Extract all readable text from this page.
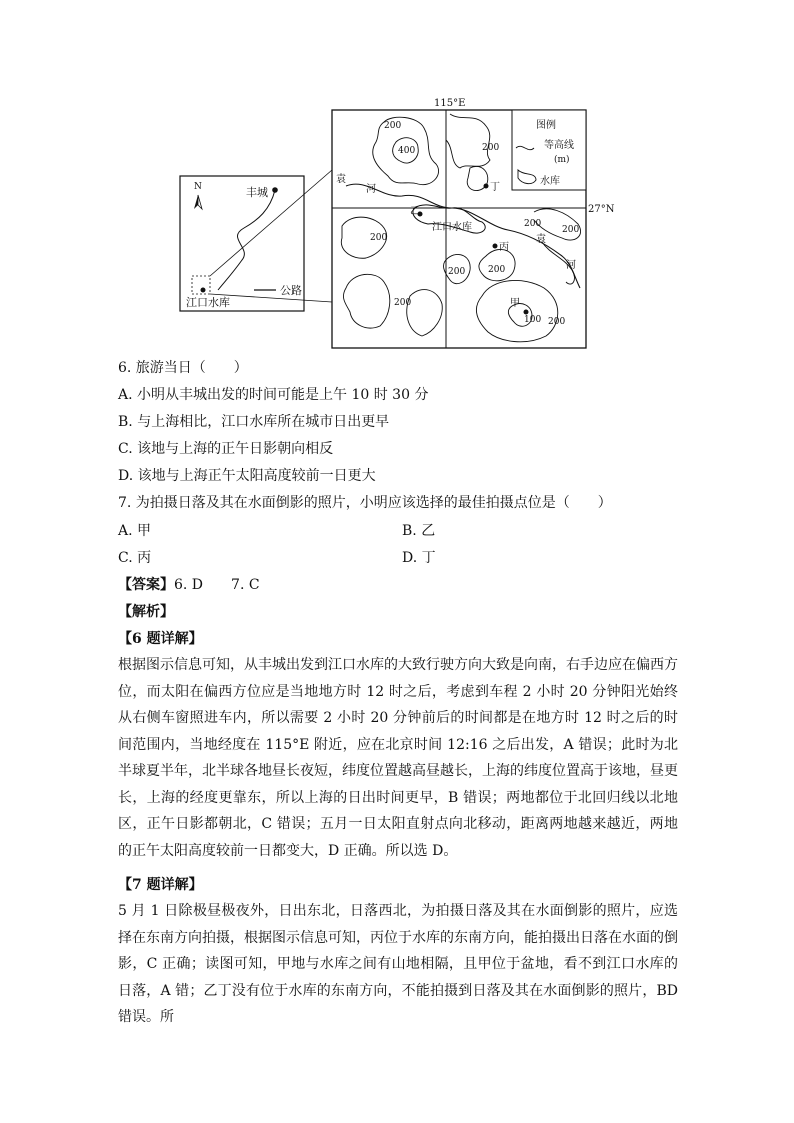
N	丰城
江口水库
公路
115°E
27°N
图例
等高线
(m)
水库
袁
河
袁
河
江口水库
200
400	200
200
200
200
200	200
200
200
100
丁
乙
丙
甲
6. 旅游当日（　　）
A. 小明从丰城出发的时间可能是上午 10 时 30 分
B. 与上海相比，江口水库所在城市日出更早
C. 该地与上海的正午日影朝向相反
D. 该地与上海正午太阳高度较前一日更大
7. 为拍摄日落及其在水面倒影的照片，小明应该选择的最佳拍摄点位是（　　）
A. 甲	B. 乙
C. 丙	D. 丁
【答案】6. D　　7. C
【解析】
【6 题详解】
根据图示信息可知，从丰城出发到江口水库的大致行驶方向大致是向南，右手边应在偏西方位，而太阳在偏西方位应是当地地方时 12 时之后，考虑到车程 2 小时 20 分钟阳光始终从右侧车窗照进车内，所以需要 2 小时 20 分钟前后的时间都是在地方时 12 时之后的时间范围内，当地经度在 115°E 附近，应在北京时间 12:16 之后出发，A 错误；此时为北半球夏半年，北半球各地昼长夜短，纬度位置越高昼越长，上海的纬度位置高于该地，昼更长，上海的经度更靠东，所以上海的日出时间更早，B 错误；两地都位于北回归线以北地区，正午日影都朝北，C 错误；五月一日太阳直射点向北移动，距离两地越来越近，两地的正午太阳高度较前一日都变大，D 正确。所以选 D。
【7 题详解】
5 月 1 日除极昼极夜外，日出东北，日落西北，为拍摄日落及其在水面倒影的照片，应选择在东南方向拍摄，根据图示信息可知，丙位于水库的东南方向，能拍摄出日落在水面的倒影，C 正确；读图可知，甲地与水库之间有山地相隔，且甲位于盆地，看不到江口水库的日落，A 错；乙丁没有位于水库的东南方向，不能拍摄到日落及其在水面倒影的照片，BD 错误。所
